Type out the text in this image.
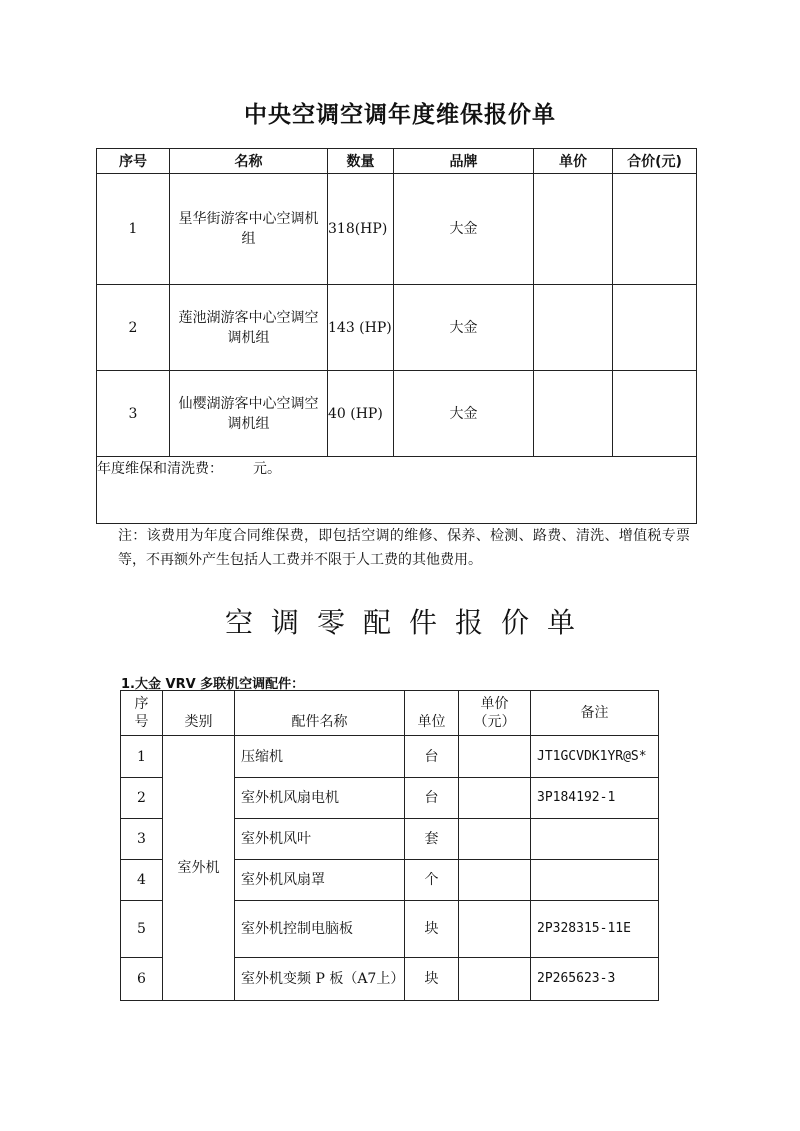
中央空调空调年度维保报价单
序号	名称	数量	品牌	单价	合价(元)
1	星华街游客中心空调机组	318(HP)	大金		
2	莲池湖游客中心空调空调机组	143 (HP)	大金		
3	仙樱湖游客中心空调空调机组	40 (HP)	大金		
年度维保和清洗费： 元。					
注：该费用为年度合同维保费，即包括空调的维修、保养、检测、路费、清洗、增值税专票等，不再额外产生包括人工费并不限于人工费的其他费用。
空调零配件报价单
1.大金 VRV 多联机空调配件：
序号	类别	配件名称	单位	单价（元）	备注
1	室外机	压缩机	台		JT1GCVDK1YR@S*
2		室外机风扇电机	台		3P184192-1
3		室外机风叶	套		
4		室外机风扇罩	个		
5		室外机控制电脑板	块		2P328315-11E
6		室外机变频 P 板（A7上）	块		2P265623-3
